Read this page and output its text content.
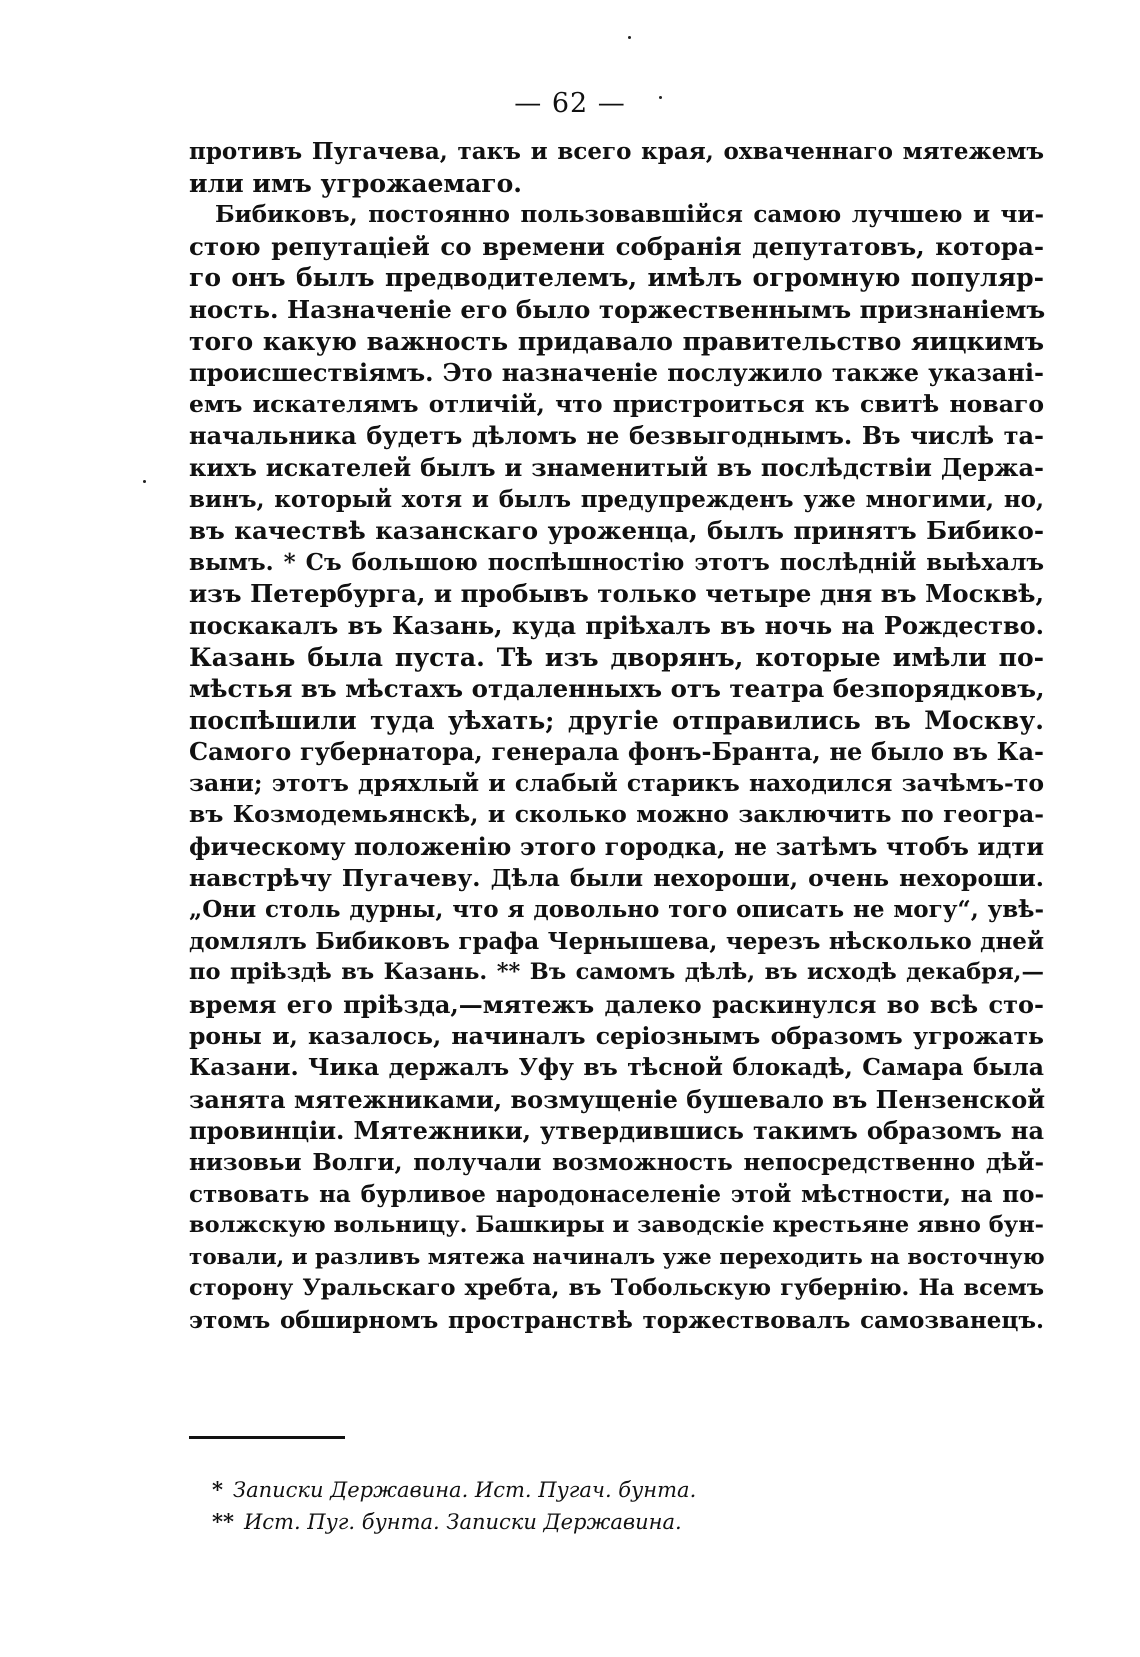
— 62 —
противъ Пугачева, такъ и всего края, охваченнаго мятежемъ
или имъ угрожаемаго.
Бибиковъ, постоянно пользовавшійся самою лучшею и чи-
стою репутаціей со времени собранія депутатовъ, которa-
го онъ былъ предводителемъ, имѣлъ огромную популяр-
ность. Назначеніе его было торжественнымъ признаніемъ
того какую важность придавало правительство яицкимъ
происшествіямъ. Это назначеніе послужило также указані-
емъ искателямъ отличій, что пристроиться къ свитѣ новаго
начальника будетъ дѣломъ не безвыгоднымъ. Въ числѣ та-
кихъ искателей былъ и знаменитый въ послѣдствіи Держа-
винъ, который хотя и былъ предупрежденъ уже многими, но,
въ качествѣ казанскаго уроженца, былъ принятъ Бибико-
вымъ. * Съ большою поспѣшностію этотъ послѣдній выѣхалъ
изъ Петербурга, и пробывъ только четыре дня въ Москвѣ,
поскакалъ въ Казань, куда пріѣхалъ въ ночь на Рождество.
Казань была пуста. Тѣ изъ дворянъ, которые имѣли по-
мѣстья въ мѣстахъ отдаленныхъ отъ театра безпорядковъ,
поспѣшили туда уѣхать; другіе отправились въ Москву.
Самого губернатора, генерала фонъ-Бранта, не было въ Ка-
зани; этотъ дряхлый и слабый старикъ находился зачѣмъ-то
въ Козмодемьянскѣ, и сколько можно заключить по геогра-
фическому положенію этого городка, не затѣмъ чтобъ идти
навстрѣчу Пугачеву. Дѣла были нехороши, очень нехороши.
„Они столь дурны, что я довольно того описать не могу“, увѣ-
домлялъ Бибиковъ графа Чернышева, черезъ нѣсколько дней
по пріѣздѣ въ Казань. ** Въ самомъ дѣлѣ, въ исходѣ декабря,—
время его пріѣзда,—мятежъ далеко раскинулся во всѣ сто-
роны и, казалось, начиналъ серіознымъ образомъ угрожать
Казани. Чика держалъ Уфу въ тѣсной блокадѣ, Самара была
занята мятежниками, возмущеніе бушевало въ Пензенской
провинціи. Мятежники, утвердившись такимъ образомъ на
низовьи Волги, получали возможность непосредственно дѣй-
ствовать на бурливое народонаселеніе этой мѣстности, на по-
волжскую вольницу. Башкиры и заводскіе крестьяне явно бун-
товали, и разливъ мятежа начиналъ уже переходить на восточную
сторону Уральскаго хребта, въ Тобольскую губернію. На всемъ
этомъ обширномъ пространствѣ торжествовалъ самозванецъ.
* Записки Державина. Ист. Пугач. бунта.
** Ист. Пуг. бунта. Записки Державина.
